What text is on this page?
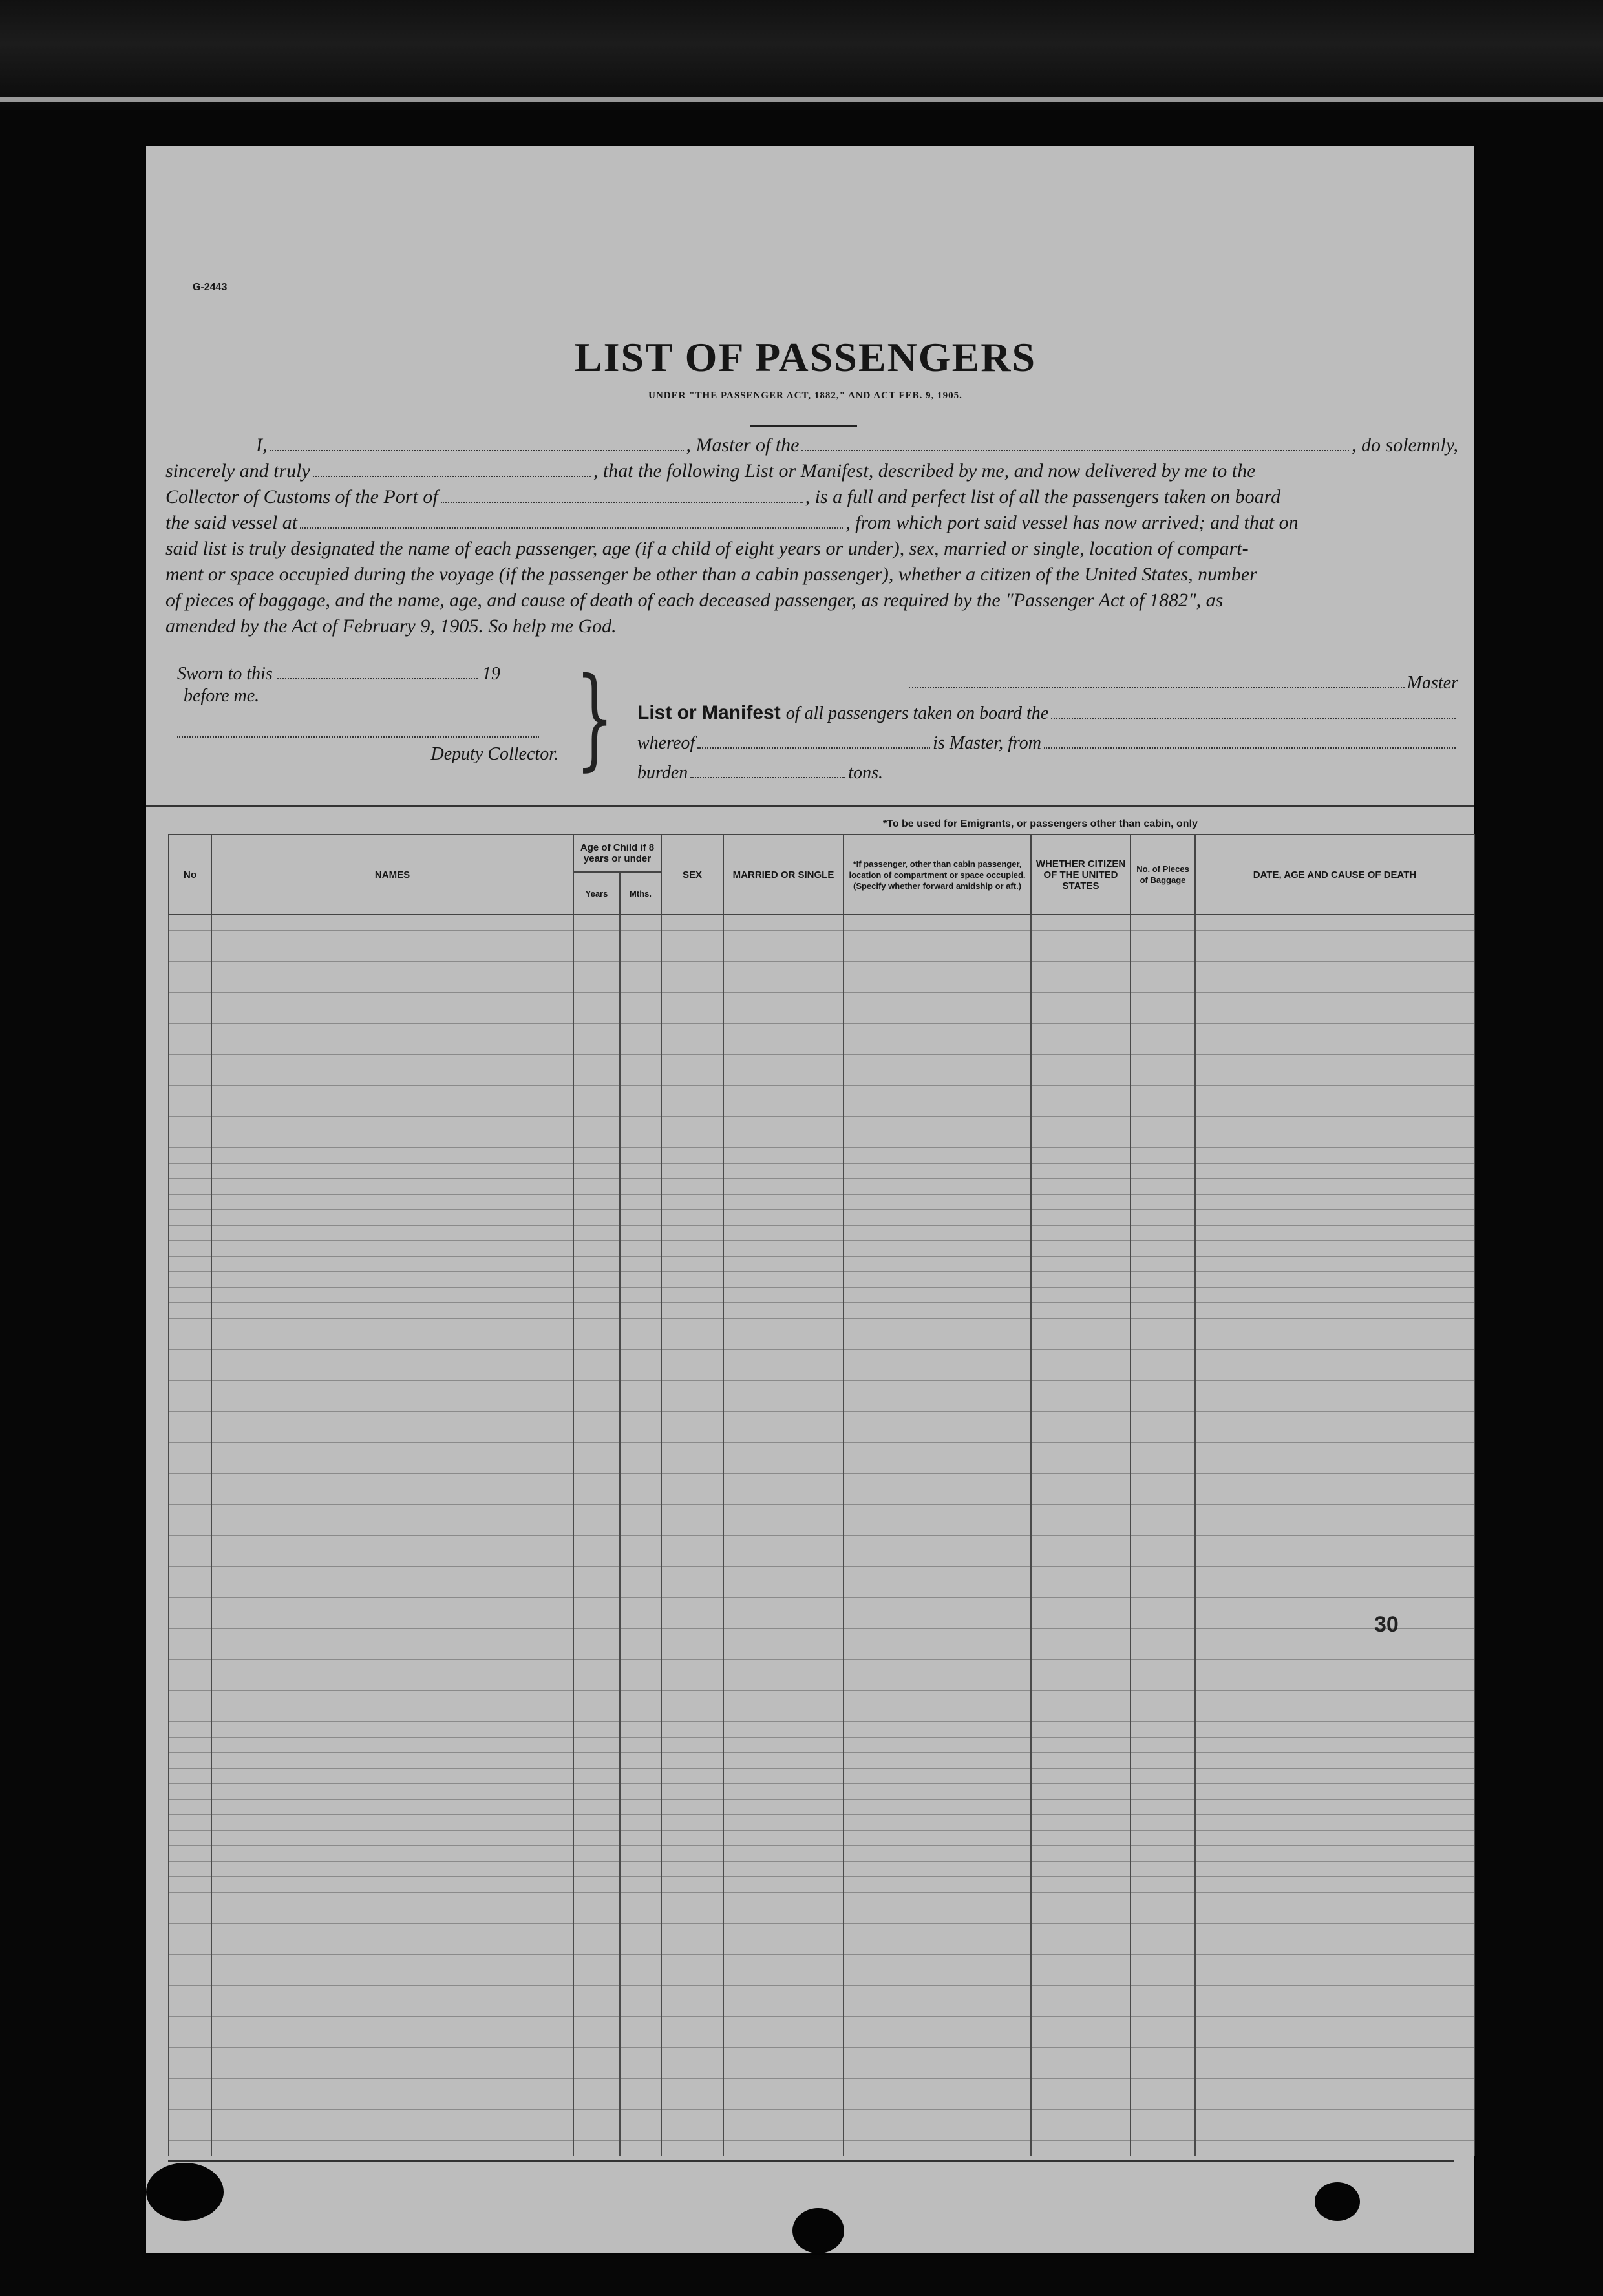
G-2443
LIST OF PASSENGERS
UNDER "THE PASSENGER ACT, 1882," AND ACT FEB. 9, 1905.
I,	, Master of the	, do solemnly,
sincerely and truly	, that the following List or Manifest, described by me, and now delivered by me to the
Collector of Customs of the Port of	, is a full and perfect list of all the passengers taken on board
the said vessel at	, from which port said vessel has now arrived; and that on
said list is truly designated the name of each passenger, age (if a child of eight years or under), sex, married or single, location of compart-
ment or space occupied during the voyage (if the passenger be other than a cabin passenger), whether a citizen of the United States, number
of pieces of baggage, and the name, age, and cause of death of each deceased passenger, as required by the "Passenger Act of 1882", as
amended by the Act of February 9, 1905. So help me God.
Sworn to this	19
before me.
Deputy Collector. }	Master
List or Manifest of all passengers taken on board the
whereof	is Master, from
burden	tons.
*To be used for Emigrants, or passengers other than cabin, only
No	NAMES	Age of Child if 8 years or under		SEX	MARRIED OR SINGLE	*If passenger, other than cabin passenger, location of compartment or space occupied. (Specify whether forward amidship or aft.)	WHETHER CITIZEN OF THE UNITED STATES	No. of Pieces of Baggage	DATE, AGE AND CAUSE OF DEATH
		Years	Mths.						

30
